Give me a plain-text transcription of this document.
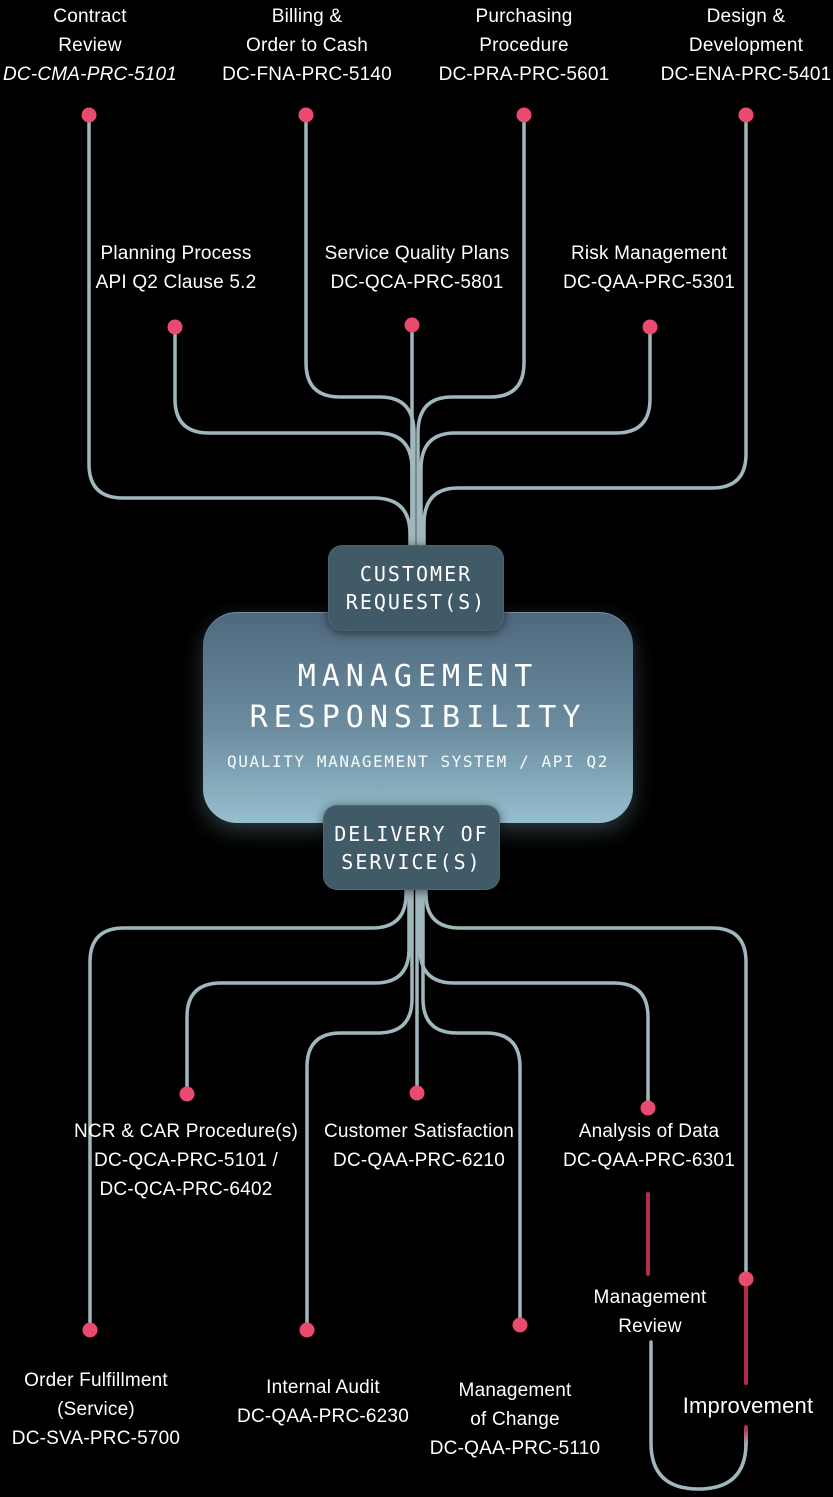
Contract
Review
DC-CMA-PRC-5101
Billing &
Order to Cash
DC-FNA-PRC-5140
Purchasing
Procedure
DC-PRA-PRC-5601
Design &
Development
DC-ENA-PRC-5401
Planning Process
API Q2 Clause 5.2
Service Quality Plans
DC-QCA-PRC-5801
Risk Management
DC-QAA-PRC-5301
MANAGEMENT
RESPONSIBILITY
QUALITY MANAGEMENT SYSTEM / API Q2
CUSTOMER
REQUEST(S)
DELIVERY OF
SERVICE(S)
NCR & CAR Procedure(s)
DC-QCA-PRC-5101 /
DC-QCA-PRC-6402
Customer Satisfaction
DC-QAA-PRC-6210
Analysis of Data
DC-QAA-PRC-6301
Management
Review
Order Fulfillment
(Service)
DC-SVA-PRC-5700
Internal Audit
DC-QAA-PRC-6230
Management
of Change
DC-QAA-PRC-5110
Improvement
